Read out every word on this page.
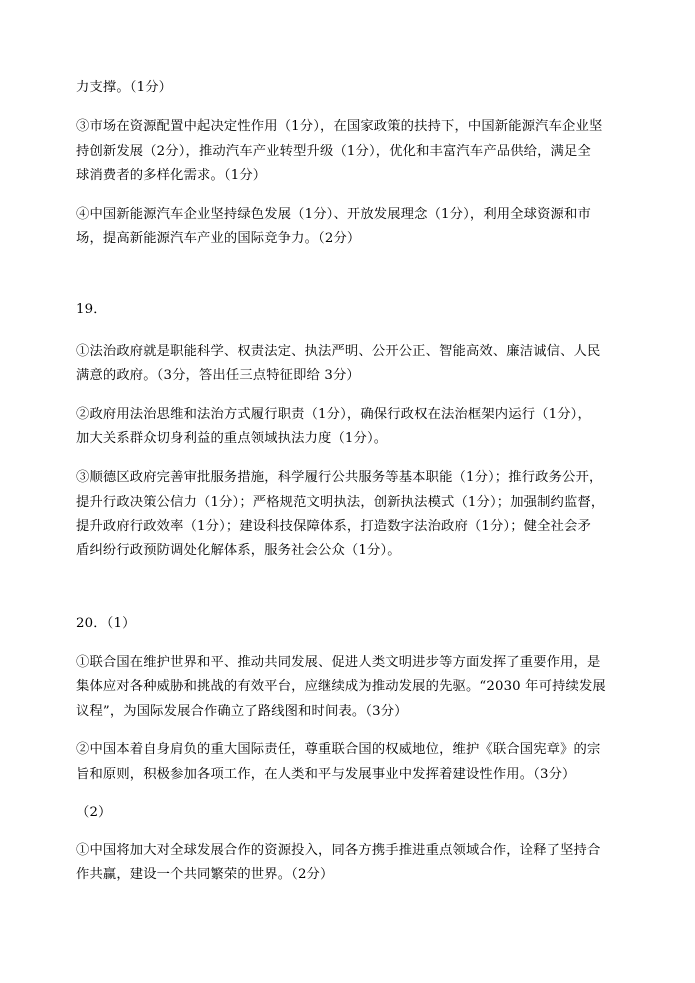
力支撑。（1分）
③市场在资源配置中起决定性作用（1分），在国家政策的扶持下，中国新能源汽车企业坚
持创新发展（2分），推动汽车产业转型升级（1分），优化和丰富汽车产品供给，满足全
球消费者的多样化需求。（1分）
④中国新能源汽车企业坚持绿色发展（1分）、开放发展理念（1分），利用全球资源和市
场，提高新能源汽车产业的国际竞争力。（2分）
19．
①法治政府就是职能科学、权责法定、执法严明、公开公正、智能高效、廉洁诚信、人民
满意的政府。（3分，答出任三点特征即给 3分）
②政府用法治思维和法治方式履行职责（1分），确保行政权在法治框架内运行（1分），
加大关系群众切身利益的重点领域执法力度（1分）。
③顺德区政府完善审批服务措施，科学履行公共服务等基本职能（1分）；推行政务公开，
提升行政决策公信力（1分）；严格规范文明执法，创新执法模式（1分）；加强制约监督，
提升政府行政效率（1分）；建设科技保障体系，打造数字法治政府（1分）；健全社会矛
盾纠纷行政预防调处化解体系，服务社会公众（1分）。
20．（1）
①联合国在维护世界和平、推动共同发展、促进人类文明进步等方面发挥了重要作用，是
集体应对各种威胁和挑战的有效平台，应继续成为推动发展的先驱。“2030 年可持续发展
议程”，为国际发展合作确立了路线图和时间表。（3分）
②中国本着自身肩负的重大国际责任，尊重联合国的权威地位，维护《联合国宪章》的宗
旨和原则，积极参加各项工作，在人类和平与发展事业中发挥着建设性作用。（3分）
（2）
①中国将加大对全球发展合作的资源投入，同各方携手推进重点领域合作，诠释了坚持合
作共赢，建设一个共同繁荣的世界。（2分）
